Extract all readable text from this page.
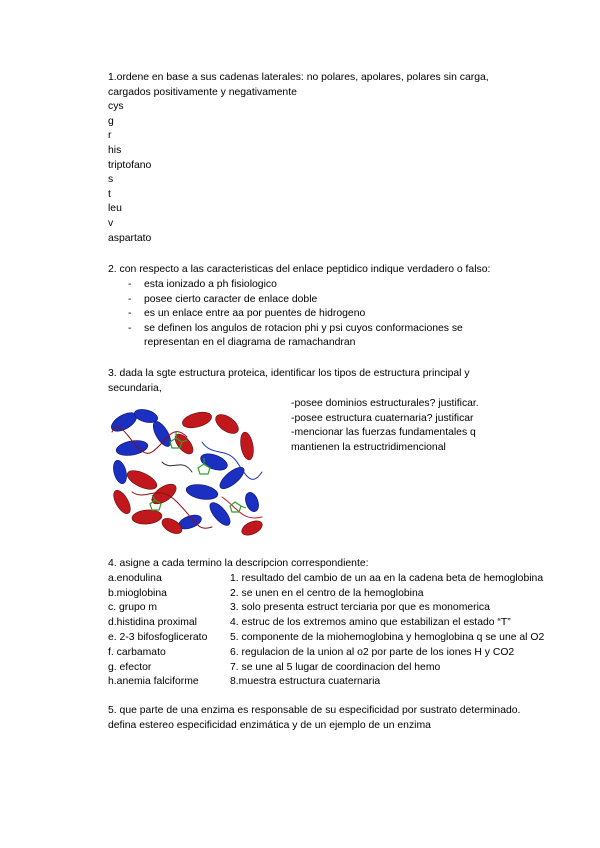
1.ordene en base a sus cadenas laterales: no polares, apolares, polares sin carga,
cargados positivamente y negativamente
cys
g
r
his
triptofano
s
t
leu
v
aspartato
2. con respecto a las caracteristicas del enlace peptidico indique verdadero o falso:
- esta ionizado a ph fisiologico
- posee cierto caracter de enlace doble
- es un enlace entre aa por puentes de hidrogeno
- se definen los angulos de rotacion phi y psi cuyos conformaciones se representan en el diagrama de ramachandran
3. dada la sgte estructura proteica, identificar los tipos de estructura principal y
secundaria,
-posee dominios estructurales? justificar.
-posee estructura cuaternaria? justificar
-mencionar las fuerzas fundamentales q
mantienen la estructridimencional
4. asigne a cada termino la descripcion correspondiente:
a.enodulina	1. resultado del cambio de un aa en la cadena beta de hemoglobina
b.mioglobina	2. se unen en el centro de la hemoglobina
c. grupo m	3. solo presenta estruct terciaria por que es monomerica
d.histidina proximal	4. estruc de los extremos amino que estabilizan el estado “T”
e. 2-3 bifosfoglicerato 5. componente de la miohemoglobina y hemoglobina q se une al O2
f. carbamato	6. regulacion de la union al o2 por parte de los iones H y CO2
g. efector	7. se une al 5 lugar de coordinacion del hemo
h.anemia falciforme	8.muestra estructura cuaternaria
5. que parte de una enzima es responsable de su especificidad por sustrato determinado.
defina estereo especificidad enzimática y de un ejemplo de un enzima
